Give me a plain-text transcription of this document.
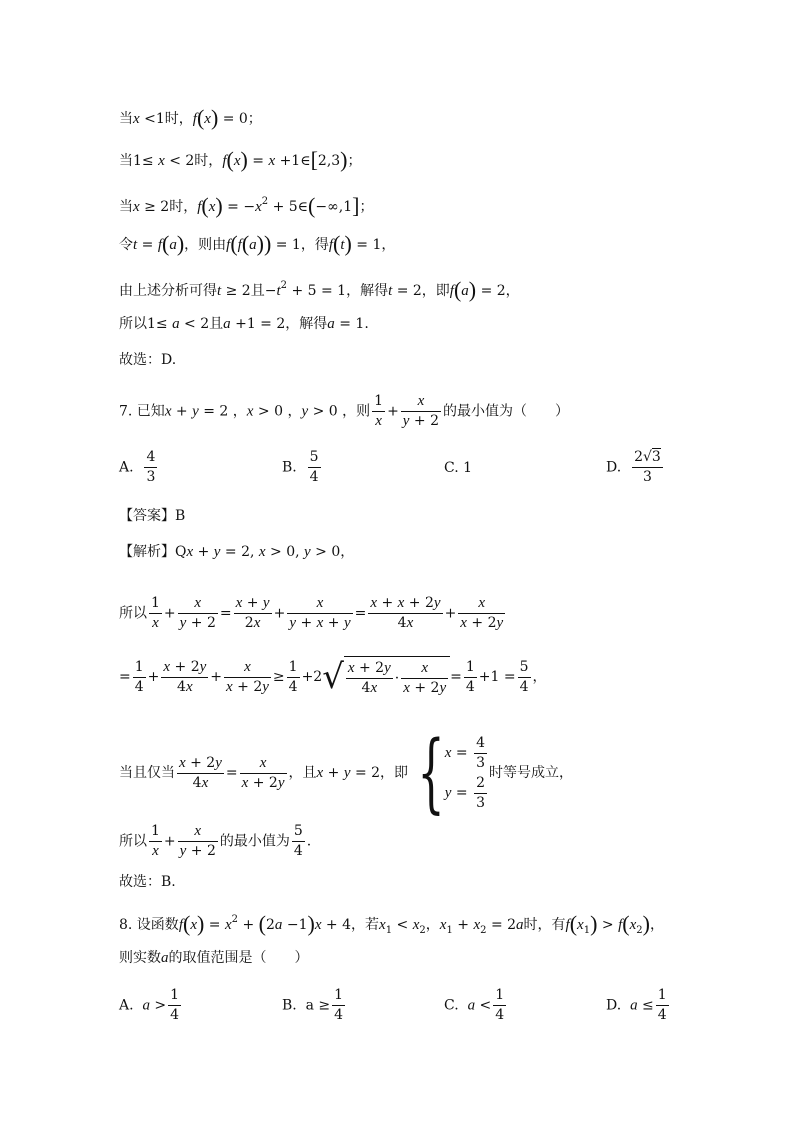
当x <1时，f(x) = 0；
当1≤ x < 2时，f(x) = x +1∈[2,3)；
当x ≥ 2时，$f(x) = -x^2$ + 5∈(−∞,1]；
令t = f(a)，则由f(f(a)) = 1，得f(t) = 1，
由上述分析可得t ≥ 2且$-t^2 + 5 = 1$，解得t = 2，即f(a) = 2，
所以1≤ a < 2且a +1 = 2，解得a = 1.
故选：D.
7. 已知x + y = 2 ，x > 0 ，y > 0 ，则 $\frac{1}{x} + \frac{x}{y + 2}$ 的最小值为（　　）
A. $\frac{4}{3}$	B. $\frac{5}{4}$	C. 1	D. $\frac{2√3}{3}$
【答案】B
【解析】Qx + y = 2, x > 0, y > 0，
所以 $\frac{1}{x} + \frac{x}{y + 2} = \frac{x + y}{2x} + \frac{x}{y + x + y} = \frac{x + x + 2y}{4x} + \frac{x}{x + 2y}$
= $\frac{1}{4} + \frac{x + 2y}{4x} + \frac{x}{x + 2y} \ge \frac{1}{4} +2√ \frac{x + 2y}{4x} \cdot \frac{x}{x + 2y} = \frac{1}{4} +1 = \frac{5}{4}$ ，
当且仅当 $\frac{x + 2y}{4x} = \frac{x}{x + 2y}$ ，且x + y = 2，即 { $x = \frac{4}{3}$
$y = \frac{2}{3}$
时等号成立，
所以 $\frac{1}{x} + \frac{x}{y + 2}$ 的最小值为 $\frac{5}{4}$ .
故选：B.
8. 设函数$f(x) = x^2 + (2a -1)x + 4$，若$x_1 < x_2$，$x_1 + x_2 = 2a$时，有$f(x_1) > f(x_2)$，
则实数a的取值范围是（　　）
A.  $a > \frac{1}{4}$	B.  $a \ge \frac{1}{4}$	C.  $a < \frac{1}{4}$	D.  $a \le \frac{1}{4}$
